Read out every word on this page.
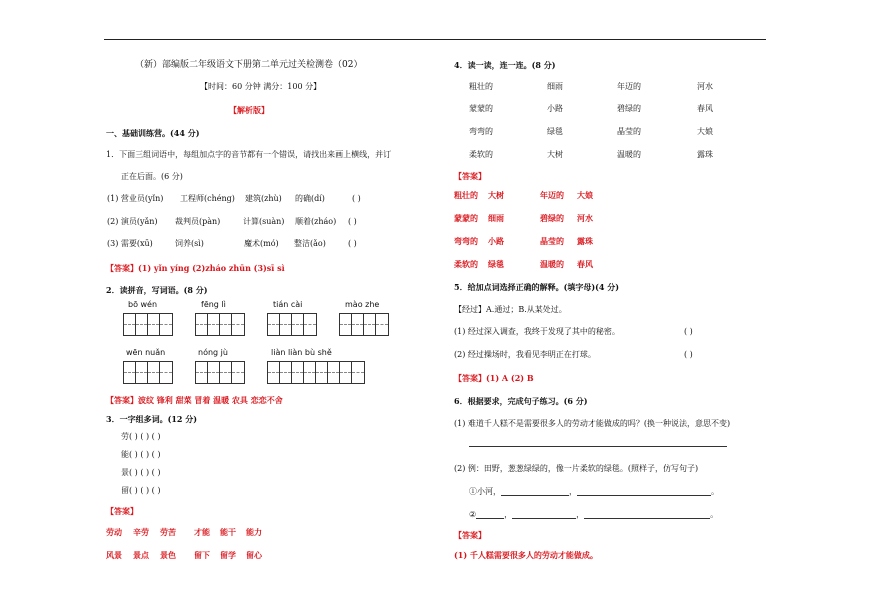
（新）部编版二年级语文下册第二单元过关检测卷（02）
【时间：60 分钟 满分：100 分】
【解析版】
一、基础训练营。(44 分)
1．下面三组词语中，每组加点字的音节都有一个错误，请找出来画上横线，并订
正在后面。(6 分)
(1) 营业员(yǐn) 工程师(chéng) 建筑(zhù) 的确(dí)	( )
(2) 演员(yǎn) 裁判员(pàn)	计算(suàn) 顺着(zháo) ( )
(3) 需要(xū)	饲养(sì)	魔术(mó) 整洁(ǎo)	( )
【答案】(1) yǐn yíng (2)zháo zhūn (3)sī sì
2．读拼音，写词语。(8 分)
bō wén	fēng lì	tián cài	mào zhe
wēn nuǎn	nóng jù	liàn liàn bù shě
【答案】波纹 锋利 甜菜 冒着 温暖 农具 恋恋不舍
3．一字组多词。(12 分)
劳( ) ( ) ( )
能( ) ( ) ( )
景( ) ( ) ( )
留( ) ( ) ( )
【答案】
劳动 辛劳 劳苦 才能 能干 能力
风景 景点 景色 留下 留学 留心
4．读一读，连一连。(8 分)
粗壮的	细雨	年迈的	河水
蒙蒙的	小路	碧绿的	春风
弯弯的	绿毯	晶莹的	大娘
柔软的	大树	温暖的	露珠
【答案】
粗壮的 大树	年迈的 大娘
蒙蒙的 细雨	碧绿的 河水
弯弯的 小路	晶莹的 露珠
柔软的 绿毯	温暖的 春风
5．给加点词选择正确的解释。(填字母)(4 分)
【经过】A.通过；B.从某处过。
(1) 经过深入调查，我终于发现了其中的秘密。	( )
(2) 经过操场时，我看见李明正在打球。	( )
【答案】(1) A (2) B
6．根据要求，完成句子练习。(6 分)
(1) 难道千人糕不是需要很多人的劳动才能做成的吗？(换一种说法，意思不变)
(2) 例：田野，葱葱绿绿的，像一片柔软的绿毯。(照样子，仿写句子)
①小河，	，	。
②	，	，	。
【答案】
(1) 千人糕需要很多人的劳动才能做成。
